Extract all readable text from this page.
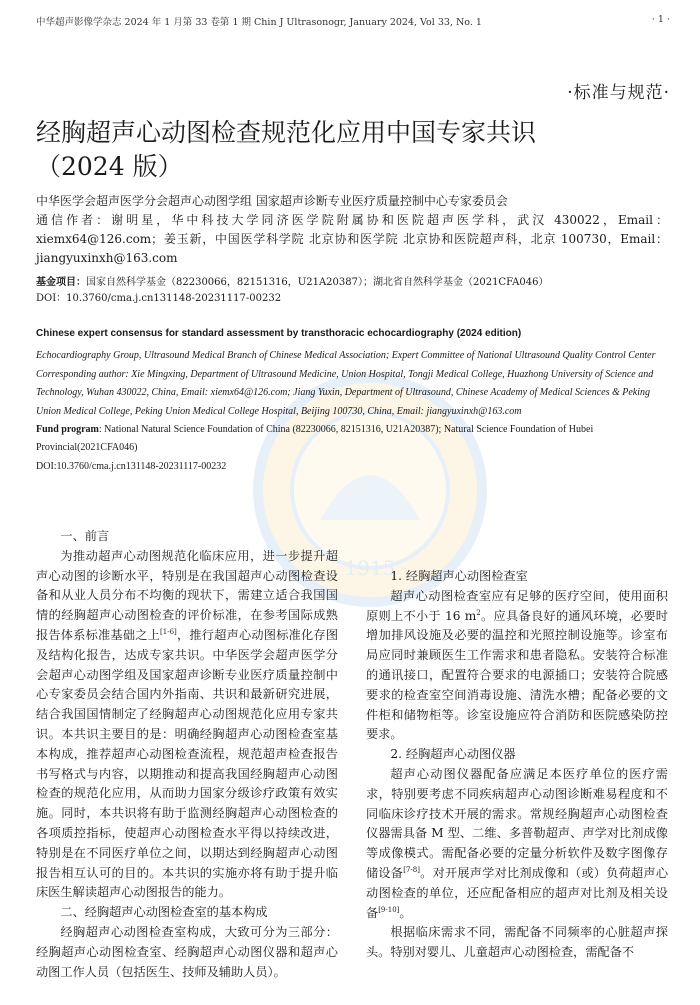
中华超声影像学杂志 2024 年 1 月第 33 卷第 1 期 Chin J Ultrasonogr, January 2024, Vol 33, No. 1	· 1 ·
·标准与规范·
经胸超声心动图检查规范化应用中国专家共识（2024 版）

中华医学会超声医学分会超声心动图学组 国家超声诊断专业医疗质量控制中心专家委员会

通信作者：谢明星，华中科技大学同济医学院附属协和医院超声医学科，武汉 430022，Email：xiemx64@126.com；姜玉新，中国医学科学院 北京协和医学院 北京协和医院超声科，北京 100730，Email：jiangyuxinxh@163.com

基金项目：国家自然科学基金（82230066，82151316，U21A20387）；湖北省自然科学基金（2021CFA046）

DOI：10.3760/cma.j.cn131148-20231117-00232

1915

Chinese expert consensus for standard assessment by transthoracic echocardiography (2024 edition)

Echocardiography Group, Ultrasound Medical Branch of Chinese Medical Association; Expert Committee of National Ultrasound Quality Control Center

Corresponding author: Xie Mingxing, Department of Ultrasound Medicine, Union Hospital, Tongji Medical College, Huazhong University of Science and Technology, Wuhan 430022, China, Email: xiemx64@126.com; Jiang Yuxin, Department of Ultrasound, Chinese Academy of Medical Sciences & Peking Union Medical College, Peking Union Medical College Hospital, Beijing 100730, China, Email: jiangyuxinxh@163.com

Fund program: National Natural Science Foundation of China (82230066, 82151316, U21A20387); Natural Science Foundation of Hubei Provincial(2021CFA046)

DOI:10.3760/cma.j.cn131148-20231117-00232

一、前言

为推动超声心动图规范化临床应用，进一步提升超声心动图的诊断水平，特别是在我国超声心动图检查设备和从业人员分布不均衡的现状下，需建立适合我国国情的经胸超声心动图检查的评价标准，在参考国际成熟报告体系标准基础之上[1-6]，推行超声心动图标准化存图及结构化报告，达成专家共识。中华医学会超声医学分会超声心动图学组及国家超声诊断专业医疗质量控制中心专家委员会结合国内外指南、共识和最新研究进展，结合我国国情制定了经胸超声心动图规范化应用专家共识。本共识主要目的是：明确经胸超声心动图检查室基本构成，推荐超声心动图检查流程，规范超声检查报告书写格式与内容，以期推动和提高我国经胸超声心动图检查的规范化应用，从而助力国家分级诊疗政策有效实施。同时，本共识将有助于监测经胸超声心动图检查的各项质控指标，使超声心动图检查水平得以持续改进，特别是在不同医疗单位之间，以期达到经胸超声心动图报告相互认可的目的。本共识的实施亦将有助于提升临床医生解读超声心动图报告的能力。

二、经胸超声心动图检查室的基本构成

经胸超声心动图检查室构成，大致可分为三部分：经胸超声心动图检查室、经胸超声心动图仪器和超声心动图工作人员（包括医生、技师及辅助人员）。

1. 经胸超声心动图检查室

超声心动图检查室应有足够的医疗空间，使用面积原则上不小于 16 $m^2$。应具备良好的通风环境，必要时增加排风设施及必要的温控和光照控制设施等。诊室布局应同时兼顾医生工作需求和患者隐私。安装符合标准的通讯接口，配置符合要求的电源插口；安装符合院感要求的检查室空间消毒设施、清洗水槽；配备必要的文件柜和储物柜等。诊室设施应符合消防和医院感染防控要求。

2. 经胸超声心动图仪器

超声心动图仪器配备应满足本医疗单位的医疗需求，特别要考虑不同疾病超声心动图诊断难易程度和不同临床诊疗技术开展的需求。常规经胸超声心动图检查仪器需具备 M 型、二维、多普勒超声、声学对比剂成像等成像模式。需配备必要的定量分析软件及数字图像存储设备[7-8]。对开展声学对比剂成像和（或）负荷超声心动图检查的单位，还应配备相应的超声对比剂及相关设备[9-10]。

根据临床需求不同，需配备不同频率的心脏超声探头。特别对婴儿、儿童超声心动图检查，需配备不
